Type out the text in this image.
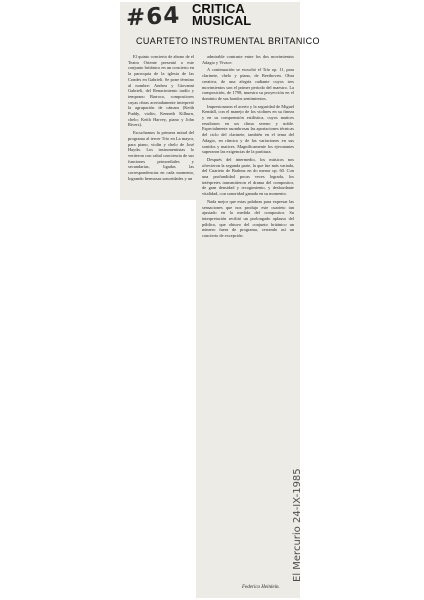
#64 CRITICA MUSICAL
CUARTETO INSTRUMENTAL BRITANICO

El quinto concierto de abono de el Teatro Oriente presentó a este conjunto británico en un concierto en la parroquia de la iglesia de las Condes en Gabrieli. Se pone término al nombre: Andrea y Giovanni Gabrieli, del Renacimiento tardío y temprano Barroco, compositores cuyas obras acertadamente interpretó la agrupación de cámara (Keith Puddy, violín; Kenneth Kilburn, chelo; Keith Harvey, piano y John Rivers).

Escuchamos la primera mitad del programa al tercer Trío en La mayor, para piano, violín y chelo de José Haydn. Los instrumentistas lo vertieron con cabal conciencia de sus funciones primordiales y secundarias, ligadas las correspondencias en cada momento, logrando hermosas sonoridades y un

admirable contraste entre los dos movimientos Adagio y Vivace.

A continuación se escuchó el Trío op. 11, para clarinete, chelo y piano, de Beethoven. Obra creativa, de una alegría radiante cuyos tres movimientos son el primer período del maestro. La composición, de 1798, muestra su proyección en el dominio de sus hondos sentimientos.

Impresionaron el acerto y la seguridad de Miguel Kendall, con el manejo de los violines en su fineza y en su comprensión estilística, cuyos matices resultaron en un clima sereno y noble. Especialmente asombrosas las aportaciones técnicas del ciclo del clarinete, también en el tema del Adagio, en rítmica y de las variaciones en sus sonidos y matices. Magníficamente los ejecutantes superaron las exigencias de la partitura.

Después del intermedio, los músicos nos ofrecieron la segunda parte, la que fue más variada, del Cuarteto de Brahms en do menor op. 60. Con una profundidad pocas veces lograda, los intérpretes transmitieron el drama del compositor, de gran densidad y recogimiento, y desbordante vitalidad, con sonoridad ganada en su momento.

Nada mejor que estas palabras para expresar las sensaciones que nos produjo este cuarteto tan ajustado en la medida del compositor. Su interpretación recibió un prolongado aplauso del público, que obtuvo del conjunto británico un número fuera de programa, cerrando así un concierto de excepción.

Federico Heinlein.
El Mercurio 24-IX-1985
